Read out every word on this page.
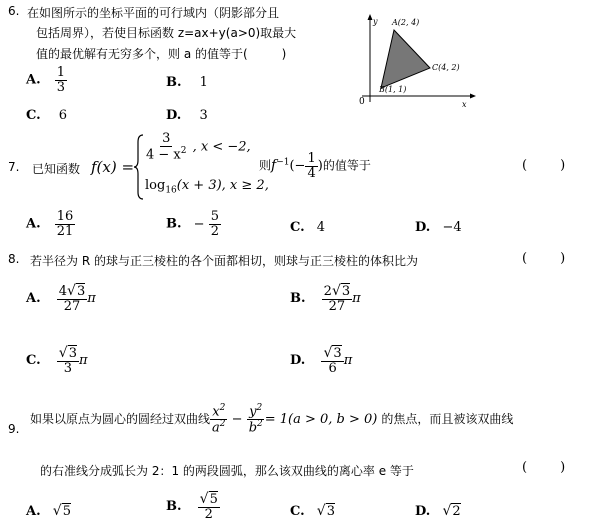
6. 在如图所示的坐标平面的可行域内（阴影部分且
包括周界），若使目标函数 z=ax+y(a>0)取最大
值的最优解有无穷多个，则 a 的值等于(	)
A. $\frac{1}{3}$	B. 1
C. 6	D. 3
y
x
0
A(2, 4)
C(4, 2)
B(1, 1)
7. 已知函数 f(x) =
$\frac{3}{4 - x^2}$ , x < −2,
$\log_{16}(x + 3)$, x ≥ 2,
则$f^{-1}(- \frac{1}{4}$ )的值等于	(        )
A. $\frac{16}{21}$	B. − $\frac{5}{2}$	C. 4	D. −4
8. 若半径为 R 的球与正三棱柱的各个面都相切，则球与正三棱柱的体积比为	(        )
A. $\frac{4√3}{27}$ π	B. $\frac{2√3}{27}$ π
C. $\frac{√3}{3}$ π	D. $\frac{√3}{6}$ π
9.
如果以原点为圆心的圆经过双曲线 $\frac{x^2}{a^2} - \frac{y^2}{b^2} = 1(a > 0$, b > 0) 的焦点，而且被该双曲线
的右准线分成弧长为 2：1 的两段圆弧，那么该双曲线的离心率 e 等于	(        )
A. √5	B. $\frac{√5}{2}$	C. √3	D. √2
